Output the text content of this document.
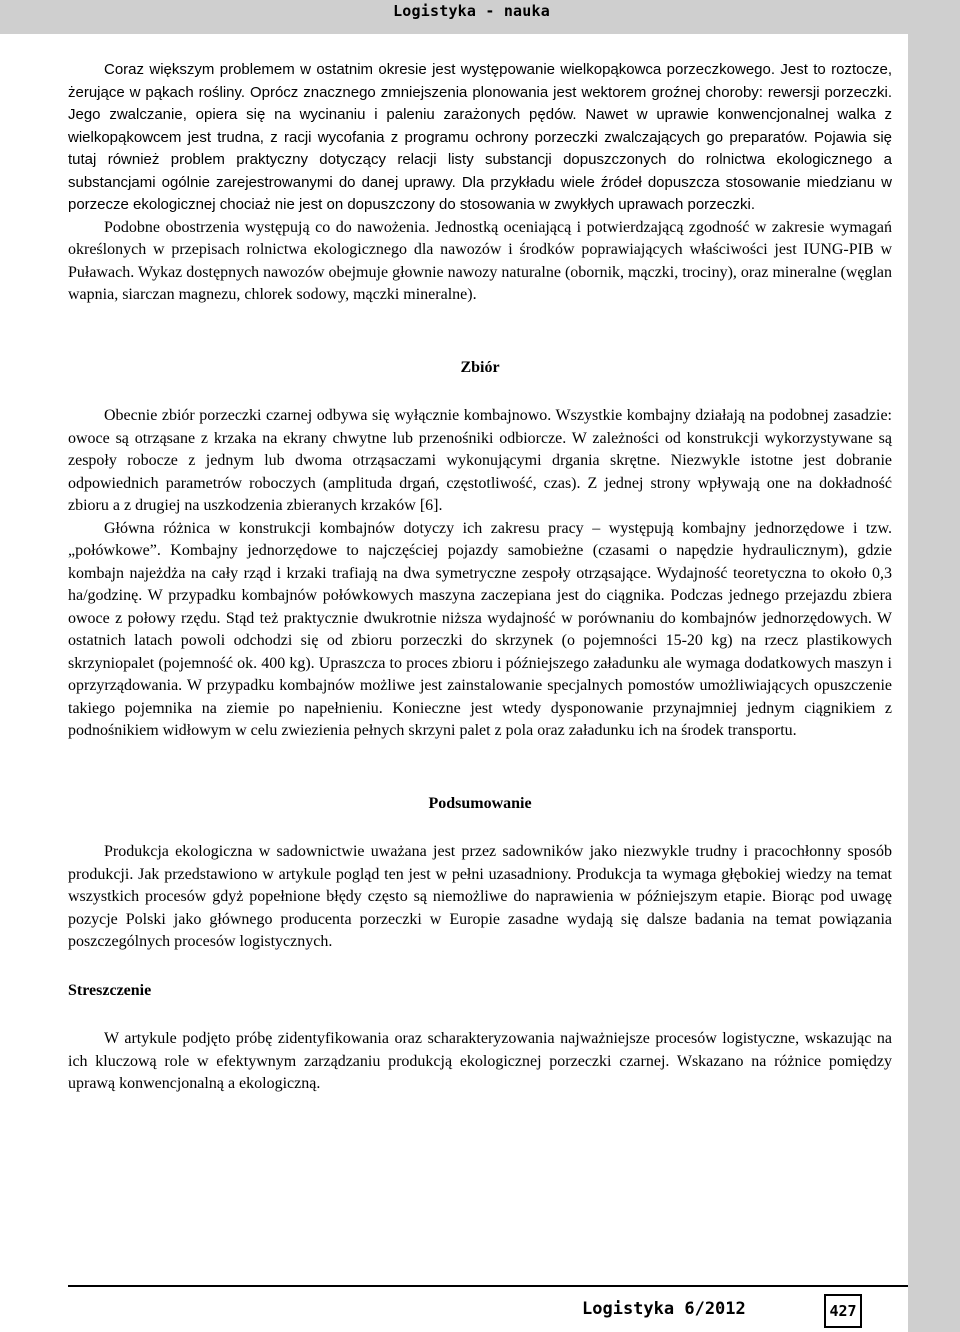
Logistyka - nauka

Coraz większym problemem w ostatnim okresie jest występowanie wielkopąkowca porzeczkowego. Jest to roztocze, żerujące w pąkach rośliny. Oprócz znacznego zmniejszenia plonowania jest wektorem groźnej choroby: rewersji porzeczki. Jego zwalczanie, opiera się na wycinaniu i paleniu zarażonych pędów. Nawet w uprawie konwencjonalnej walka z wielkopąkowcem jest trudna, z racji wycofania z programu ochrony porzeczki zwalczających go preparatów. Pojawia się tutaj również problem praktyczny dotyczący relacji listy substancji dopuszczonych do rolnictwa ekologicznego a substancjami ogólnie zarejestrowanymi do danej uprawy. Dla przykładu wiele źródeł dopuszcza stosowanie miedzianu w porzecze ekologicznej chociaż nie jest on dopuszczony do stosowania w zwykłych uprawach porzeczki.

Podobne obostrzenia występują co do nawożenia. Jednostką oceniającą i potwierdzającą zgodność w zakresie wymagań określonych w przepisach rolnictwa ekologicznego dla nawozów i środków poprawiających właściwości jest IUNG-PIB w Puławach. Wykaz dostępnych nawozów obejmuje głownie nawozy naturalne (obornik, mączki, trociny), oraz mineralne (węglan wapnia, siarczan magnezu, chlorek sodowy, mączki mineralne).

Zbiór

Obecnie zbiór porzeczki czarnej odbywa się wyłącznie kombajnowo. Wszystkie kombajny działają na podobnej zasadzie: owoce są otrząsane z krzaka na ekrany chwytne lub przenośniki odbiorcze. W zależności od konstrukcji wykorzystywane są zespoły robocze z jednym lub dwoma otrząsaczami wykonującymi drgania skrętne. Niezwykle istotne jest dobranie odpowiednich parametrów roboczych (amplituda drgań, częstotliwość, czas). Z jednej strony wpływają one na dokładność zbioru a z drugiej na uszkodzenia zbieranych krzaków [6].

Główna różnica w konstrukcji kombajnów dotyczy ich zakresu pracy – występują kombajny jednorzędowe i tzw. „połówkowe”. Kombajny jednorzędowe to najczęściej pojazdy samobieżne (czasami o napędzie hydraulicznym), gdzie kombajn najeżdża na cały rząd i krzaki trafiają na dwa symetryczne zespoły otrząsające. Wydajność teoretyczna to około 0,3 ha/godzinę. W przypadku kombajnów połówkowych maszyna zaczepiana jest do ciągnika. Podczas jednego przejazdu zbiera owoce z połowy rzędu. Stąd też praktycznie dwukrotnie niższa wydajność w porównaniu do kombajnów jednorzędowych. W ostatnich latach powoli odchodzi się od zbioru porzeczki do skrzynek (o pojemności 15-20 kg) na rzecz plastikowych skrzyniopalet (pojemność ok. 400 kg). Upraszcza to proces zbioru i późniejszego załadunku ale wymaga dodatkowych maszyn i oprzyrządowania. W przypadku kombajnów możliwe jest zainstalowanie specjalnych pomostów umożliwiających opuszczenie takiego pojemnika na ziemie po napełnieniu. Konieczne jest wtedy dysponowanie przynajmniej jednym ciągnikiem z podnośnikiem widłowym w celu zwiezienia pełnych skrzyni palet z pola oraz załadunku ich na środek transportu.

Podsumowanie

Produkcja ekologiczna w sadownictwie uważana jest przez sadowników jako niezwykle trudny i pracochłonny sposób produkcji. Jak przedstawiono w artykule pogląd ten jest w pełni uzasadniony. Produkcja ta wymaga głębokiej wiedzy na temat wszystkich procesów gdyż popełnione błędy często są niemożliwe do naprawienia w późniejszym etapie. Biorąc pod uwagę pozycje Polski jako głównego producenta porzeczki w Europie zasadne wydają się dalsze badania na temat powiązania poszczególnych procesów logistycznych.

Streszczenie

W artykule podjęto próbę zidentyfikowania oraz scharakteryzowania najważniejsze procesów logistyczne, wskazując na ich kluczową role w efektywnym zarządzaniu produkcją ekologicznej porzeczki czarnej. Wskazano na różnice pomiędzy uprawą konwencjonalną a ekologiczną.

Logistyka 6/2012	427
